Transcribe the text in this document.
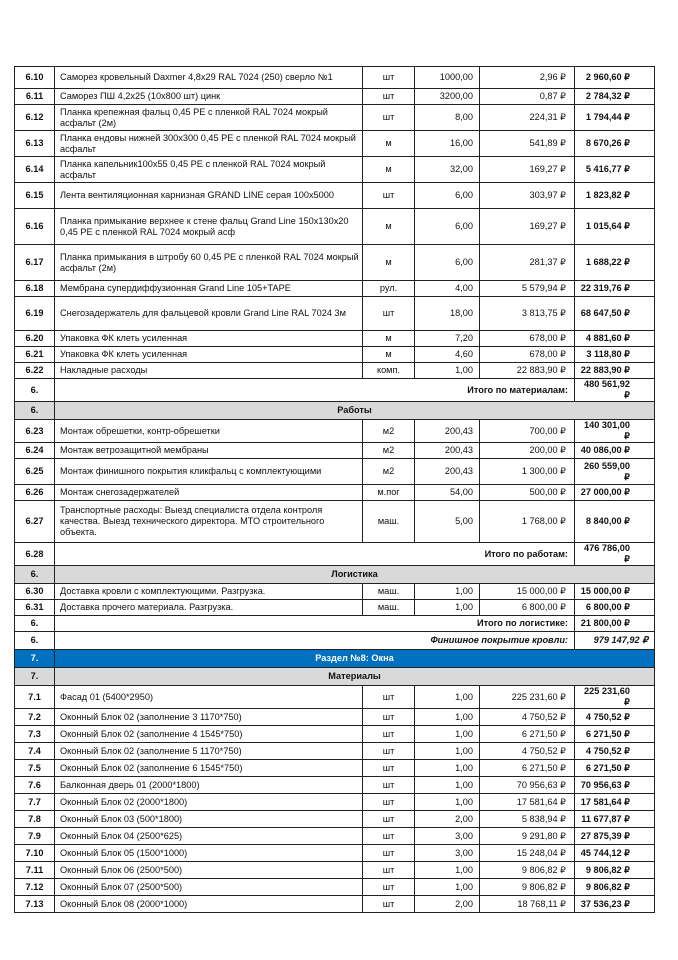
6.10	Саморез кровельный Daxmer 4,8х29 RAL 7024 (250) сверло №1	шт	1000,00	2,96 ₽	2 960,60 ₽
6.11	Саморез ПШ 4,2х25 (10х800 шт) цинк	шт	3200,00	0,87 ₽	2 784,32 ₽
6.12	Планка крепежная фальц 0,45 PE с пленкой RAL 7024 мокрый асфальт (2м)	шт	8,00	224,31 ₽	1 794,44 ₽
6.13	Планка ендовы нижней 300х300 0,45 PE с пленкой RAL 7024 мокрый асфальт	м	16,00	541,89 ₽	8 670,26 ₽
6.14	Планка капельник100х55 0,45 PE с пленкой RAL 7024 мокрый асфальт	м	32,00	169,27 ₽	5 416,77 ₽
6.15	Лента вентиляционная карнизная GRAND LINE серая 100х5000	шт	6,00	303,97 ₽	1 823,82 ₽
6.16	Планка примыкание верхнее к стене фальц Grand Line 150х130х20 0,45 PE с пленкой RAL 7024 мокрый асф	м	6,00	169,27 ₽	1 015,64 ₽
6.17	Планка примыкания в штробу 60 0,45 PE с пленкой RAL 7024 мокрый асфальт (2м)	м	6,00	281,37 ₽	1 688,22 ₽
6.18	Мембрана супердиффузионная Grand Line 105+TAPE	рул.	4,00	5 579,94 ₽	22 319,76 ₽
6.19	Снегозадержатель для фальцевой кровли Grand Line RAL 7024 3м	шт	18,00	3 813,75 ₽	68 647,50 ₽
6.20	Упаковка ФК клеть усиленная	м	7,20	678,00 ₽	4 881,60 ₽
6.21	Упаковка ФК клеть усиленная	м	4,60	678,00 ₽	3 118,80 ₽
6.22	Накладные расходы	комп.	1,00	22 883,90 ₽	22 883,90 ₽
6.	Итого по материалам:				480 561,92 ₽
6.	Работы				
6.23	Монтаж обрешетки, контр-обрешетки	м2	200,43	700,00 ₽	140 301,00 ₽
6.24	Монтаж ветрозащитной мембраны	м2	200,43	200,00 ₽	40 086,00 ₽
6.25	Монтаж финишного покрытия кликфальц с комплектующими	м2	200,43	1 300,00 ₽	260 559,00 ₽
6.26	Монтаж снегозадержателей	м.пог	54,00	500,00 ₽	27 000,00 ₽
6.27	Транспортные расходы: Выезд специалиста отдела контроля качества. Выезд технического директора. МТО строительного объекта.	маш.	5,00	1 768,00 ₽	8 840,00 ₽
6.28	Итого по работам:				476 786,00 ₽
6.	Логистика				
6.30	Доставка кровли с комплектующими. Разгрузка.	маш.	1,00	15 000,00 ₽	15 000,00 ₽
6.31	Доставка прочего материала. Разгрузка.	маш.	1,00	6 800,00 ₽	6 800,00 ₽
6.	Итого по логистике:				21 800,00 ₽
6.	Финишное покрытие кровли:				979 147,92 ₽
7.	Раздел №8: Окна				
7.	Материалы				
7.1	Фасад 01 (5400*2950)	шт	1,00	225 231,60 ₽	225 231,60 ₽
7.2	Оконный Блок 02 (заполнение 3 1170*750)	шт	1,00	4 750,52 ₽	4 750,52 ₽
7.3	Оконный Блок 02 (заполнение 4 1545*750)	шт	1,00	6 271,50 ₽	6 271,50 ₽
7.4	Оконный Блок 02 (заполнение 5 1170*750)	шт	1,00	4 750,52 ₽	4 750,52 ₽
7.5	Оконный Блок 02 (заполнение 6 1545*750)	шт	1,00	6 271,50 ₽	6 271,50 ₽
7.6	Балконная дверь 01 (2000*1800)	шт	1,00	70 956,63 ₽	70 956,63 ₽
7.7	Оконный Блок 02 (2000*1800)	шт	1,00	17 581,64 ₽	17 581,64 ₽
7.8	Оконный Блок 03 (500*1800)	шт	2,00	5 838,94 ₽	11 677,87 ₽
7.9	Оконный Блок 04 (2500*625)	шт	3,00	9 291,80 ₽	27 875,39 ₽
7.10	Оконный Блок 05 (1500*1000)	шт	3,00	15 248,04 ₽	45 744,12 ₽
7.11	Оконный Блок 06 (2500*500)	шт	1,00	9 806,82 ₽	9 806,82 ₽
7.12	Оконный Блок 07 (2500*500)	шт	1,00	9 806,82 ₽	9 806,82 ₽
7.13	Оконный Блок 08 (2000*1000)	шт	2,00	18 768,11 ₽	37 536,23 ₽
